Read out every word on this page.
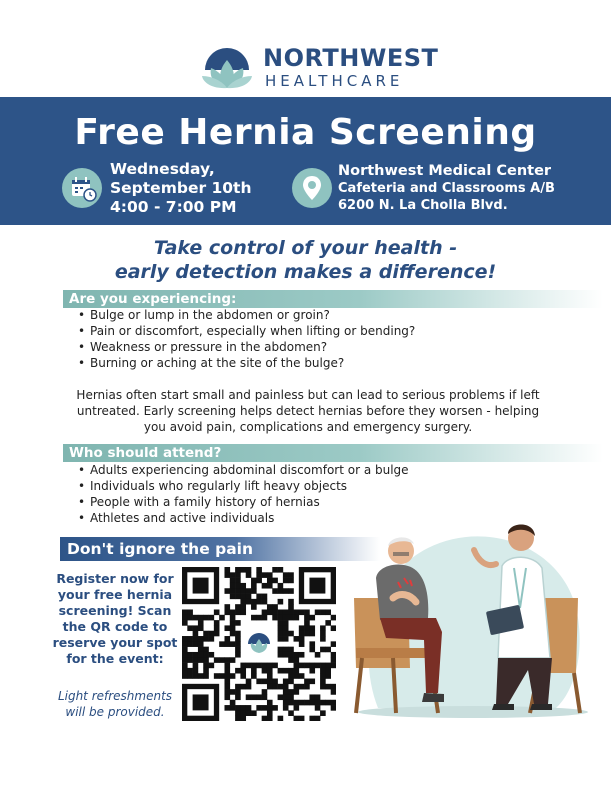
NORTHWEST
HEALTHCARE
Free Hernia Screening
Wednesday,
September 10th
4:00 - 7:00 PM
Northwest Medical Center
Cafeteria and Classrooms A/B
6200 N. La Cholla Blvd.
Take control of your health -
early detection makes a difference!
Are you experiencing:
• Bulge or lump in the abdomen or groin?
• Pain or discomfort, especially when lifting or bending?
• Weakness or pressure in the abdomen?
• Burning or aching at the site of the bulge?
Hernias often start small and painless but can lead to serious problems if left untreated. Early screening helps detect hernias before they worsen - helping you avoid pain, complications and emergency surgery.
Who should attend?
• Adults experiencing abdominal discomfort or a bulge
• Individuals who regularly lift heavy objects
• People with a family history of hernias
• Athletes and active individuals
Don't ignore the pain
Register now for your free hernia screening! Scan the QR code to reserve your spot for the event:
Light refreshments will be provided.
